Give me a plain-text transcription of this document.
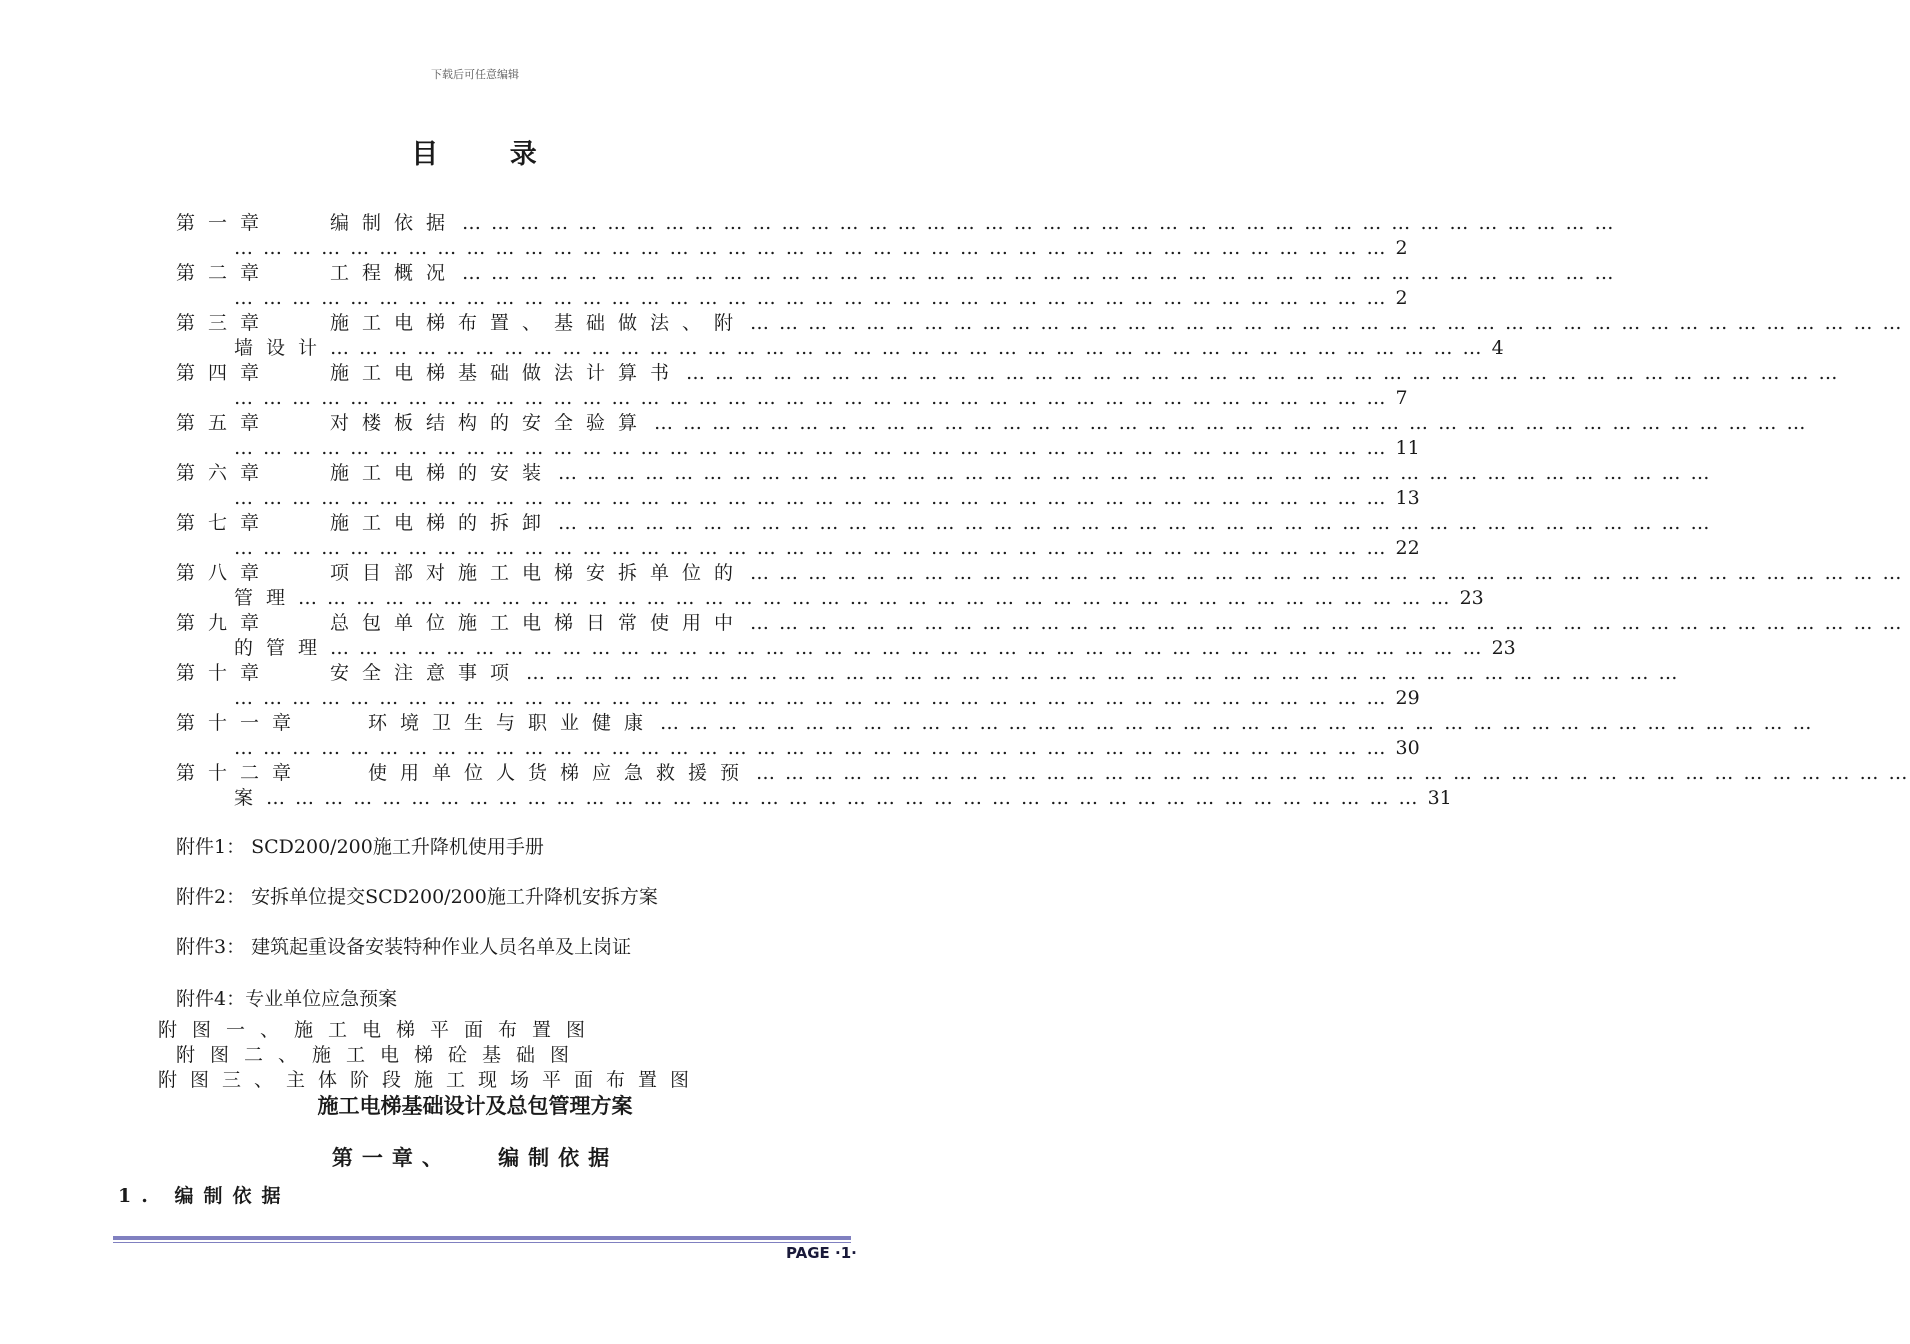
下载后可任意编辑
目 录
第一章	编制依据 … … … … … … … … … … … … … … … … … … … … … … … … … … … … … … … … … … … … … … … …
… … … … … … … … … … … … … … … … … … … … … … … … … … … … … … … … … … … … … … … … 2
第二章	工程概况 … … … … … … … … … … … … … … … … … … … … … … … … … … … … … … … … … … … … … … … …
… … … … … … … … … … … … … … … … … … … … … … … … … … … … … … … … … … … … … … … … 2
第三章	施工电梯布置、基础做法、附 … … … … … … … … … … … … … … … … … … … … … … … … … … … … … … … … … … … … … … … …
墙设计 … … … … … … … … … … … … … … … … … … … … … … … … … … … … … … … … … … … … … … … … 4
第四章	施工电梯基础做法计算书 … … … … … … … … … … … … … … … … … … … … … … … … … … … … … … … … … … … … … … … …
… … … … … … … … … … … … … … … … … … … … … … … … … … … … … … … … … … … … … … … … 7
第五章	对楼板结构的安全验算 … … … … … … … … … … … … … … … … … … … … … … … … … … … … … … … … … … … … … … … …
… … … … … … … … … … … … … … … … … … … … … … … … … … … … … … … … … … … … … … … … 11
第六章	施工电梯的安装 … … … … … … … … … … … … … … … … … … … … … … … … … … … … … … … … … … … … … … … …
… … … … … … … … … … … … … … … … … … … … … … … … … … … … … … … … … … … … … … … … 13
第七章	施工电梯的拆卸 … … … … … … … … … … … … … … … … … … … … … … … … … … … … … … … … … … … … … … … …
… … … … … … … … … … … … … … … … … … … … … … … … … … … … … … … … … … … … … … … … 22
第八章	项目部对施工电梯安拆单位的 … … … … … … … … … … … … … … … … … … … … … … … … … … … … … … … … … … … … … … … …
管理 … … … … … … … … … … … … … … … … … … … … … … … … … … … … … … … … … … … … … … … … 23
第九章	总包单位施工电梯日常使用中 … … … … … … … … … … … … … … … … … … … … … … … … … … … … … … … … … … … … … … … …
的管理 … … … … … … … … … … … … … … … … … … … … … … … … … … … … … … … … … … … … … … … … 23
第十章	安全注意事项 … … … … … … … … … … … … … … … … … … … … … … … … … … … … … … … … … … … … … … … …
… … … … … … … … … … … … … … … … … … … … … … … … … … … … … … … … … … … … … … … … 29
第十一章	环境卫生与职业健康 … … … … … … … … … … … … … … … … … … … … … … … … … … … … … … … … … … … … … … … …
… … … … … … … … … … … … … … … … … … … … … … … … … … … … … … … … … … … … … … … … 30
第十二章	使用单位人货梯应急救援预 … … … … … … … … … … … … … … … … … … … … … … … … … … … … … … … … … … … … … … … …
案 … … … … … … … … … … … … … … … … … … … … … … … … … … … … … … … … … … … … … … … … 31
附件1： SCD200/200施工升降机使用手册
附件2： 安拆单位提交SCD200/200施工升降机安拆方案
附件3： 建筑起重设备安装特种作业人员名单及上岗证
附件4：专业单位应急预案
附图一、施工电梯平面布置图
附图二、施工电梯砼基础图
附图三、主体阶段施工现场平面布置图
施工电梯基础设计及总包管理方案
第一章、 编制依据
1. 编制依据
PAGE ·1·
